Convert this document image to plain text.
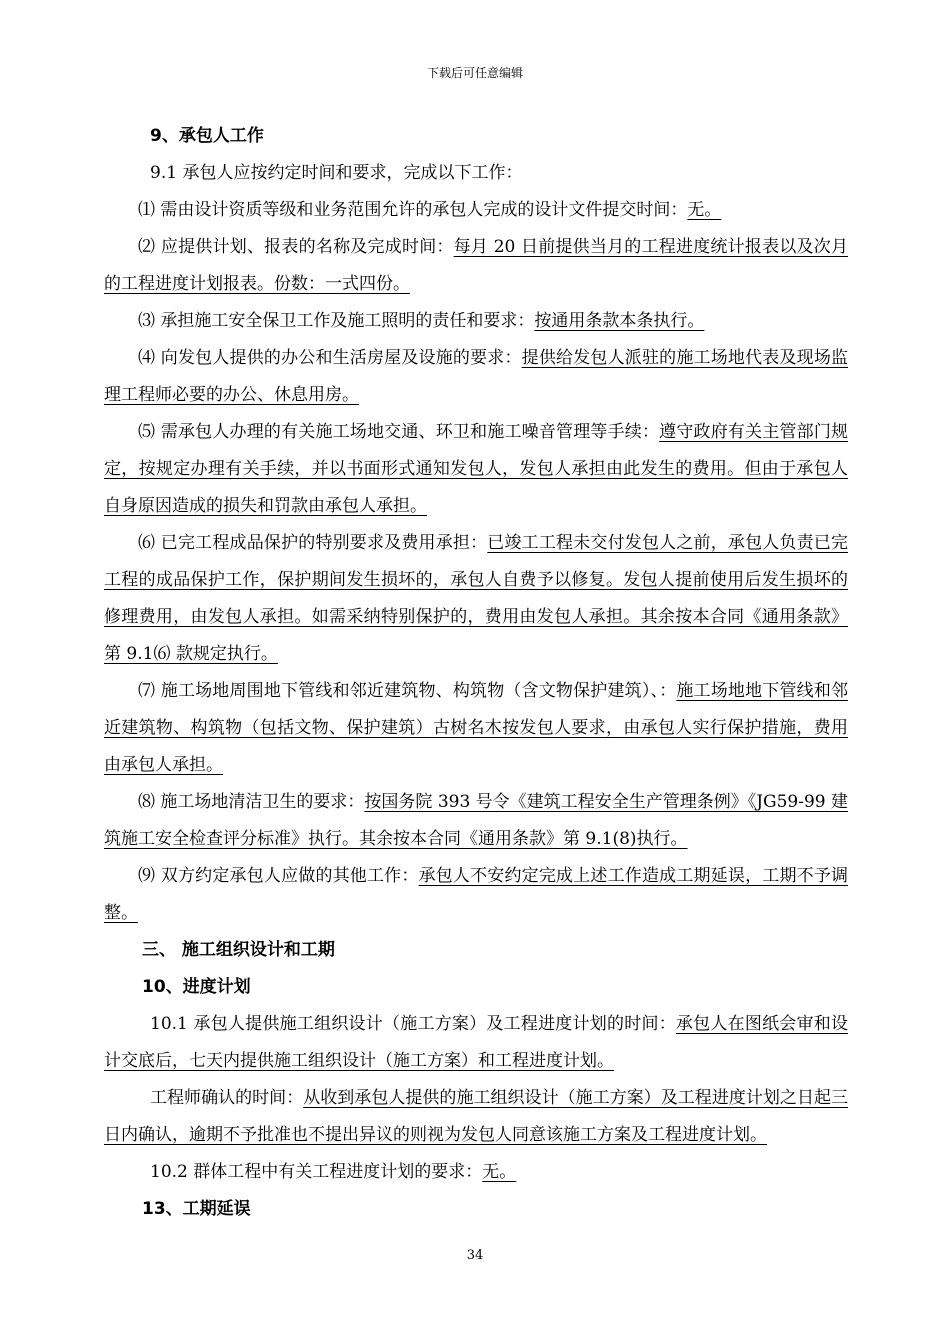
下载后可任意编辑

9、承包人工作

9.1 承包人应按约定时间和要求，完成以下工作：

⑴ 需由设计资质等级和业务范围允许的承包人完成的设计文件提交时间：无。

⑵ 应提供计划、报表的名称及完成时间：每月 20 日前提供当月的工程进度统计报表以及次月的工程进度计划报表。份数：一式四份。

⑶ 承担施工安全保卫工作及施工照明的责任和要求：按通用条款本条执行。

⑷ 向发包人提供的办公和生活房屋及设施的要求：提供给发包人派驻的施工场地代表及现场监理工程师必要的办公、休息用房。

⑸ 需承包人办理的有关施工场地交通、环卫和施工噪音管理等手续：遵守政府有关主管部门规定，按规定办理有关手续，并以书面形式通知发包人，发包人承担由此发生的费用。但由于承包人自身原因造成的损失和罚款由承包人承担。

⑹ 已完工程成品保护的特别要求及费用承担：已竣工工程未交付发包人之前，承包人负责已完工程的成品保护工作，保护期间发生损坏的，承包人自费予以修复。发包人提前使用后发生损坏的修理费用，由发包人承担。如需采纳特别保护的，费用由发包人承担。其余按本合同《通用条款》第 9.1⑹ 款规定执行。

⑺ 施工场地周围地下管线和邻近建筑物、构筑物（含文物保护建筑）、：施工场地地下管线和邻近建筑物、构筑物（包括文物、保护建筑）古树名木按发包人要求，由承包人实行保护措施，费用由承包人承担。

⑻ 施工场地清洁卫生的要求：按国务院 393 号令《建筑工程安全生产管理条例》《JG59-99 建筑施工安全检查评分标准》执行。其余按本合同《通用条款》第 9.1(8)执行。

⑼ 双方约定承包人应做的其他工作：承包人不安约定完成上述工作造成工期延误，工期不予调整。

三、 施工组织设计和工期

10、进度计划

10.1 承包人提供施工组织设计（施工方案）及工程进度计划的时间：承包人在图纸会审和设计交底后，七天内提供施工组织设计（施工方案）和工程进度计划。

工程师确认的时间：从收到承包人提供的施工组织设计（施工方案）及工程进度计划之日起三日内确认，逾期不予批准也不提出异议的则视为发包人同意该施工方案及工程进度计划。

10.2 群体工程中有关工程进度计划的要求：无。

13、工期延误

34
